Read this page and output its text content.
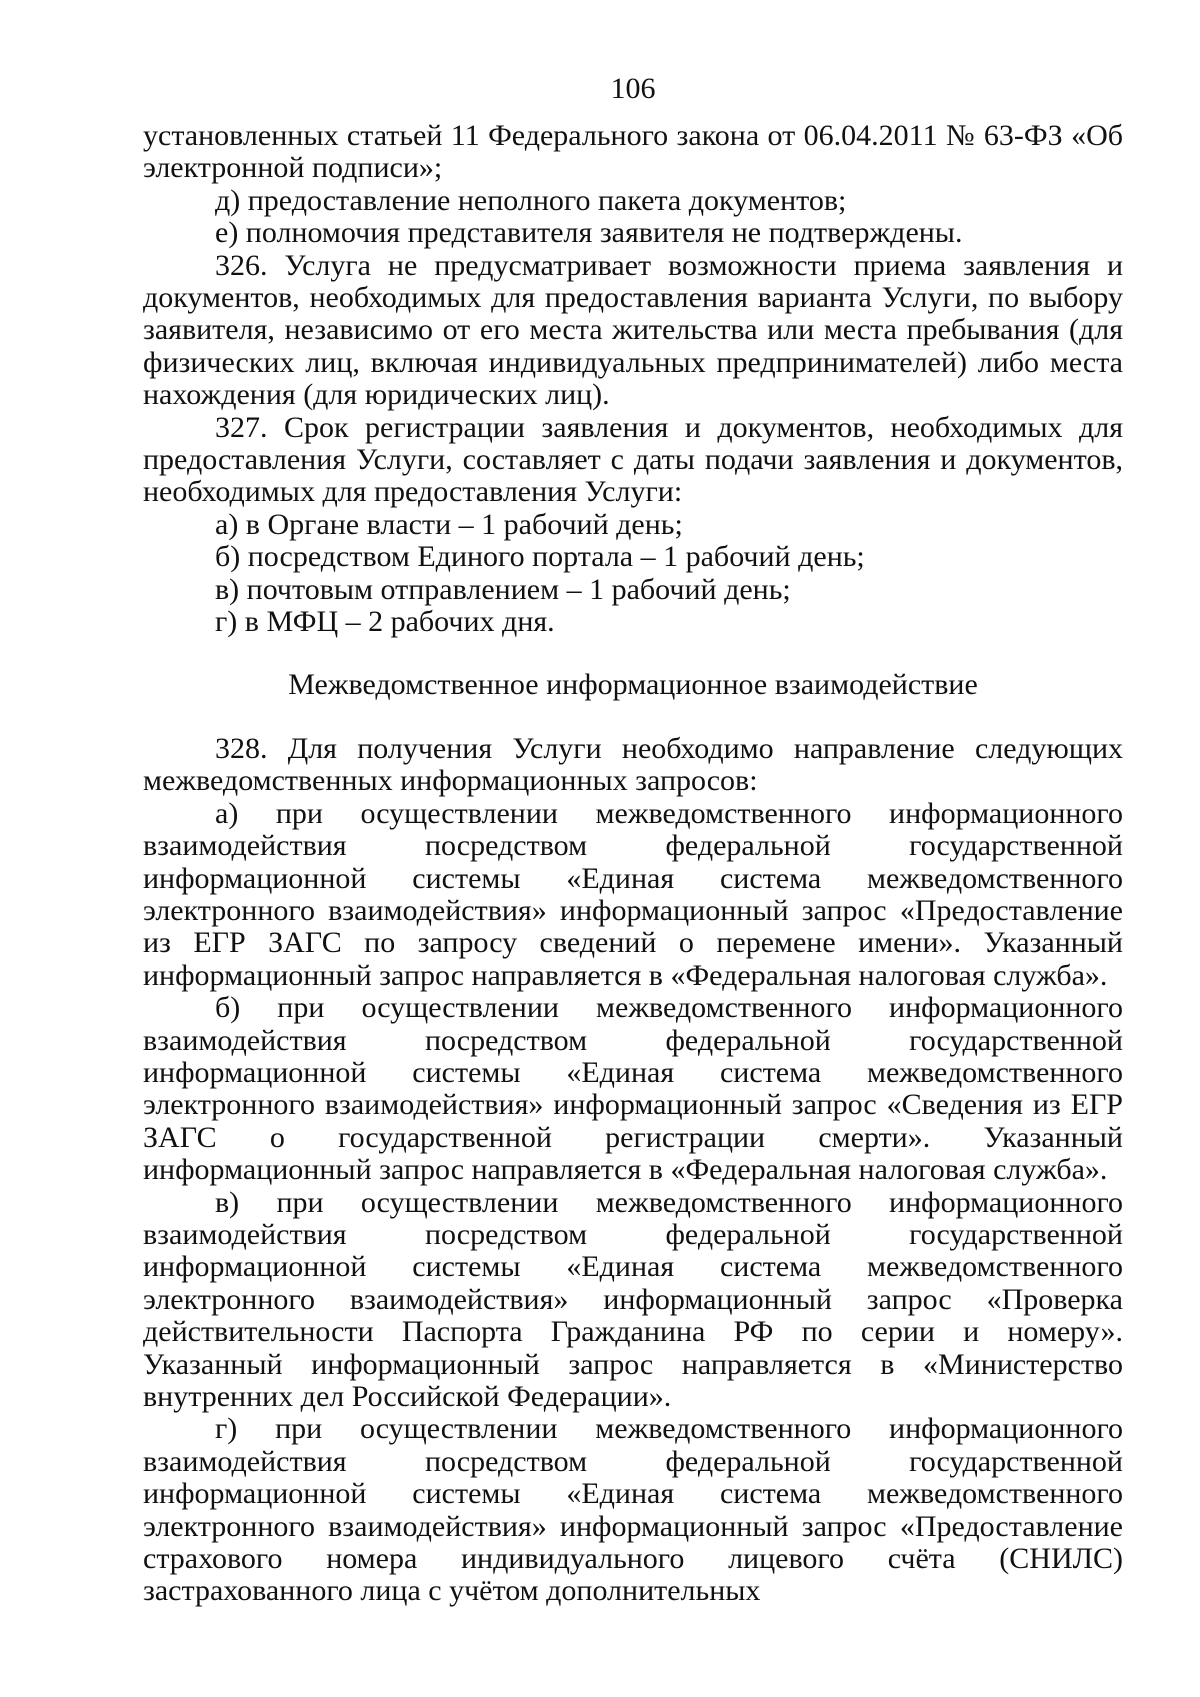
106

установленных статьей 11 Федерального закона от 06.04.2011 № 63-ФЗ «Об электронной подписи»;

д) предоставление неполного пакета документов;

е) полномочия представителя заявителя не подтверждены.

326. Услуга не предусматривает возможности приема заявления и документов, необходимых для предоставления варианта Услуги, по выбору заявителя, независимо от его места жительства или места пребывания (для физических лиц, включая индивидуальных предпринимателей) либо места нахождения (для юридических лиц).

327. Срок регистрации заявления и документов, необходимых для предоставления Услуги, составляет с даты подачи заявления и документов, необходимых для предоставления Услуги:

а) в Органе власти – 1 рабочий день;

б) посредством Единого портала – 1 рабочий день;

в) почтовым отправлением – 1 рабочий день;

г) в МФЦ – 2 рабочих дня.

Межведомственное информационное взаимодействие

328. Для получения Услуги необходимо направление следующих межведомственных информационных запросов:

а) при осуществлении межведомственного информационного взаимодействия посредством федеральной государственной информационной системы «Единая система межведомственного электронного взаимодействия» информационный запрос «Предоставление из ЕГР ЗАГС по запросу сведений о перемене имени». Указанный информационный запрос направляется в «Федеральная налоговая служба».

б) при осуществлении межведомственного информационного взаимодействия посредством федеральной государственной информационной системы «Единая система межведомственного электронного взаимодействия» информационный запрос «Сведения из ЕГР ЗАГС о государственной регистрации смерти». Указанный информационный запрос направляется в «Федеральная налоговая служба».

в) при осуществлении межведомственного информационного взаимодействия посредством федеральной государственной информационной системы «Единая система межведомственного электронного взаимодействия» информационный запрос «Проверка действительности Паспорта Гражданина РФ по серии и номеру». Указанный информационный запрос направляется в «Министерство внутренних дел Российской Федерации».

г) при осуществлении межведомственного информационного взаимодействия посредством федеральной государственной информационной системы «Единая система межведомственного электронного взаимодействия» информационный запрос «Предоставление страхового номера индивидуального лицевого счёта (СНИЛС) застрахованного лица с учётом дополнительных
